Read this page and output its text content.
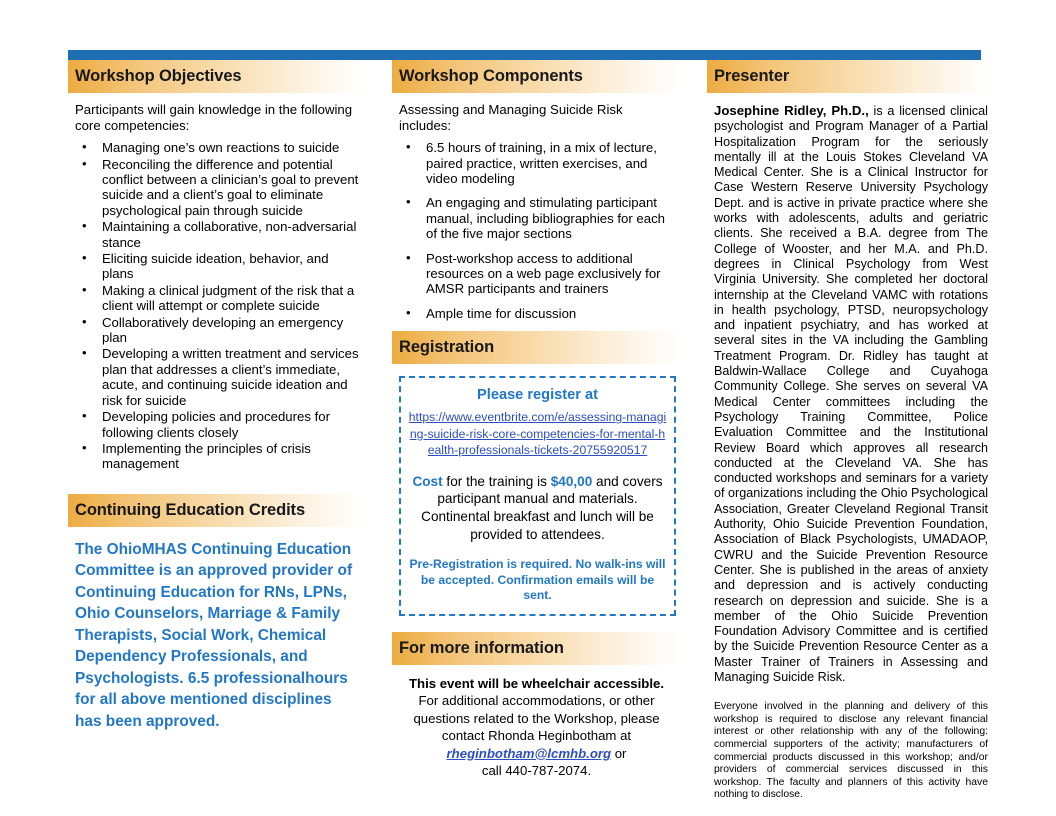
Workshop Objectives

Participants will gain knowledge in the following core competencies:

• Managing one’s own reactions to suicide
• Reconciling the difference and potential conflict between a clinician’s goal to prevent suicide and a client’s goal to eliminate psychological pain through suicide
• Maintaining a collaborative, non-adversarial stance
• Eliciting suicide ideation, behavior, and plans
• Making a clinical judgment of the risk that a client will attempt or complete suicide
• Collaboratively developing an emergency plan
• Developing a written treatment and services plan that addresses a client’s immediate, acute, and continuing suicide ideation and risk for suicide
• Developing policies and procedures for following clients closely
• Implementing the principles of crisis management
Continuing Education Credits

The OhioMHAS Continuing Education Committee is an approved provider of Continuing Education for RNs, LPNs, Ohio Counselors, Marriage & Family Therapists, Social Work, Chemical Dependency Professionals, and Psychologists. 6.5 professionalhours for all above mentioned disciplines has been approved.

Workshop Components

Assessing and Managing Suicide Risk includes:

• 6.5 hours of training, in a mix of lecture, paired practice, written exercises, and video modeling
• An engaging and stimulating participant manual, including bibliographies for each of the five major sections
• Post-workshop access to additional resources on a web page exclusively for AMSR participants and trainers
• Ample time for discussion
Registration

Please register at

https://www.eventbrite.com/e/assessing-managing-suicide-risk-core-competencies-for-mental-health-professionals-tickets-20755920517

Cost for the training is $40,00 and covers participant manual and materials. Continental breakfast and lunch will be provided to attendees.

Pre-Registration is required. No walk-ins will be accepted. Confirmation emails will be sent.

For more information
This event will be wheelchair accessible. For additional accommodations, or other questions related to the Workshop, please contact Rhonda Heginbotham at rheginbotham@lcmhb.org or
call 440-787-2074.
Presenter

Josephine Ridley, Ph.D., is a licensed clinical psychologist and Program Manager of a Partial Hospitalization Program for the seriously mentally ill at the Louis Stokes Cleveland VA Medical Center. She is a Clinical Instructor for Case Western Reserve University Psychology Dept. and is active in private practice where she works with adolescents, adults and geriatric clients. She received a B.A. degree from The College of Wooster, and her M.A. and Ph.D. degrees in Clinical Psychology from West Virginia University. She completed her doctoral internship at the Cleveland VAMC with rotations in health psychology, PTSD, neuropsychology and inpatient psychiatry, and has worked at several sites in the VA including the Gambling Treatment Program. Dr. Ridley has taught at Baldwin-Wallace College and Cuyahoga Community College. She serves on several VA Medical Center committees including the Psychology Training Committee, Police Evaluation Committee and the Institutional Review Board which approves all research conducted at the Cleveland VA. She has conducted workshops and seminars for a variety of organizations including the Ohio Psychological Association, Greater Cleveland Regional Transit Authority, Ohio Suicide Prevention Foundation, Association of Black Psychologists, UMADAOP, CWRU and the Suicide Prevention Resource Center. She is published in the areas of anxiety and depression and is actively conducting research on depression and suicide. She is a member of the Ohio Suicide Prevention Foundation Advisory Committee and is certified by the Suicide Prevention Resource Center as a Master Trainer of Trainers in Assessing and Managing Suicide Risk.

Everyone involved in the planning and delivery of this workshop is required to disclose any relevant financial interest or other relationship with any of the following: commercial supporters of the activity; manufacturers of commercial products discussed in this workshop; and/or providers of commercial services discussed in this workshop. The faculty and planners of this activity have nothing to disclose.
